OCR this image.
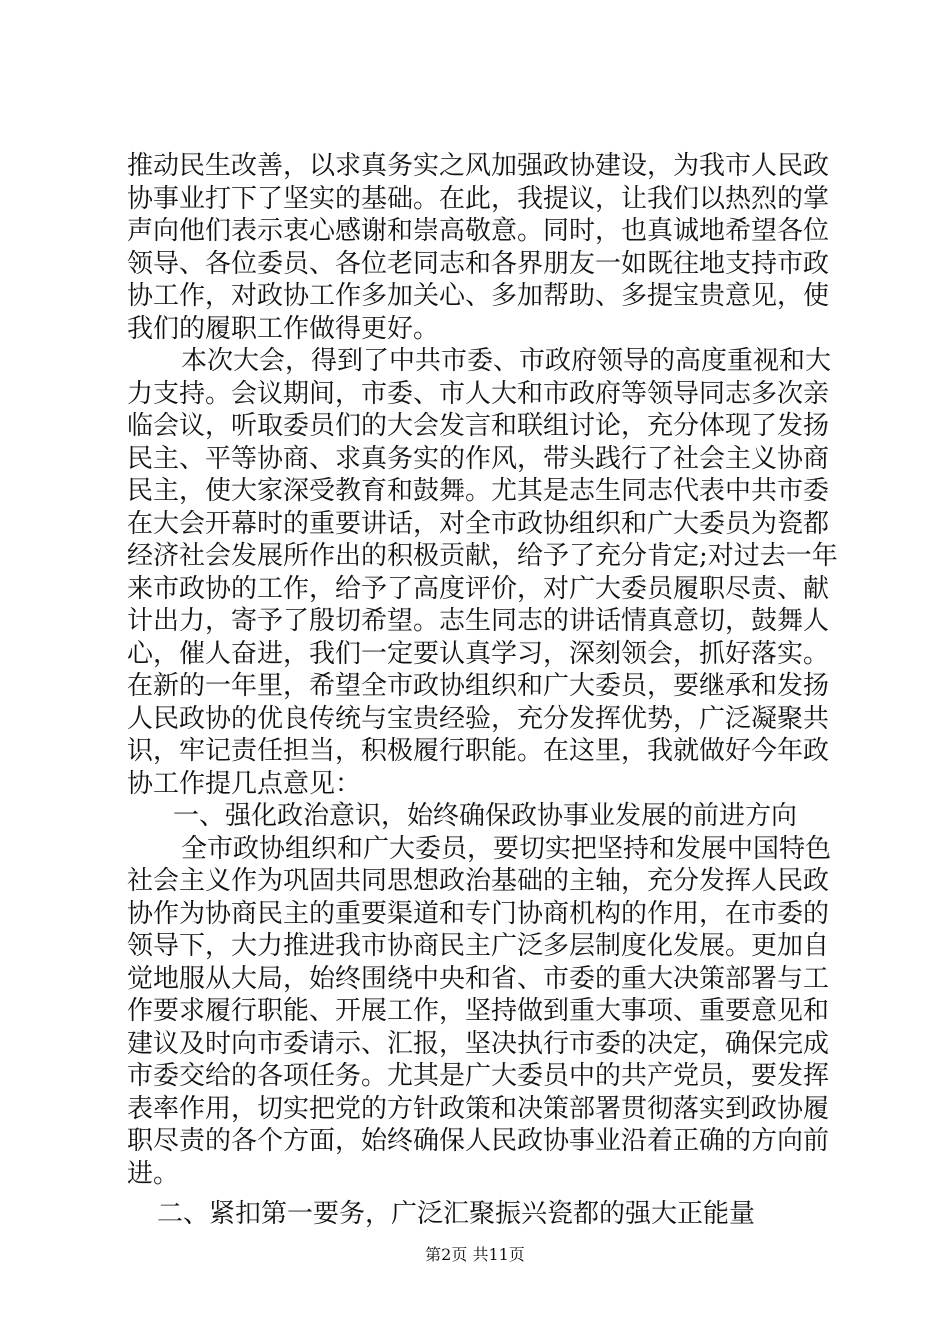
推动民生改善，以求真务实之风加强政协建设，为我市人民政
协事业打下了坚实的基础。在此，我提议，让我们以热烈的掌
声向他们表示衷心感谢和崇高敬意。同时，也真诚地希望各位
领导、各位委员、各位老同志和各界朋友一如既往地支持市政
协工作，对政协工作多加关心、多加帮助、多提宝贵意见，使
我们的履职工作做得更好。
本次大会，得到了中共市委、市政府领导的高度重视和大
力支持。会议期间，市委、市人大和市政府等领导同志多次亲
临会议，听取委员们的大会发言和联组讨论，充分体现了发扬
民主、平等协商、求真务实的作风，带头践行了社会主义协商
民主，使大家深受教育和鼓舞。尤其是志生同志代表中共市委
在大会开幕时的重要讲话，对全市政协组织和广大委员为瓷都
经济社会发展所作出的积极贡献，给予了充分肯定;对过去一年
来市政协的工作，给予了高度评价，对广大委员履职尽责、献
计出力，寄予了殷切希望。志生同志的讲话情真意切，鼓舞人
心，催人奋进，我们一定要认真学习，深刻领会，抓好落实。
在新的一年里，希望全市政协组织和广大委员，要继承和发扬
人民政协的优良传统与宝贵经验，充分发挥优势，广泛凝聚共
识，牢记责任担当，积极履行职能。在这里，我就做好今年政
协工作提几点意见：
一、强化政治意识，始终确保政协事业发展的前进方向
全市政协组织和广大委员，要切实把坚持和发展中国特色
社会主义作为巩固共同思想政治基础的主轴，充分发挥人民政
协作为协商民主的重要渠道和专门协商机构的作用，在市委的
领导下，大力推进我市协商民主广泛多层制度化发展。更加自
觉地服从大局，始终围绕中央和省、市委的重大决策部署与工
作要求履行职能、开展工作，坚持做到重大事项、重要意见和
建议及时向市委请示、汇报，坚决执行市委的决定，确保完成
市委交给的各项任务。尤其是广大委员中的共产党员，要发挥
表率作用，切实把党的方针政策和决策部署贯彻落实到政协履
职尽责的各个方面，始终确保人民政协事业沿着正确的方向前
进。
二、紧扣第一要务，广泛汇聚振兴瓷都的强大正能量
第2页 共11页
